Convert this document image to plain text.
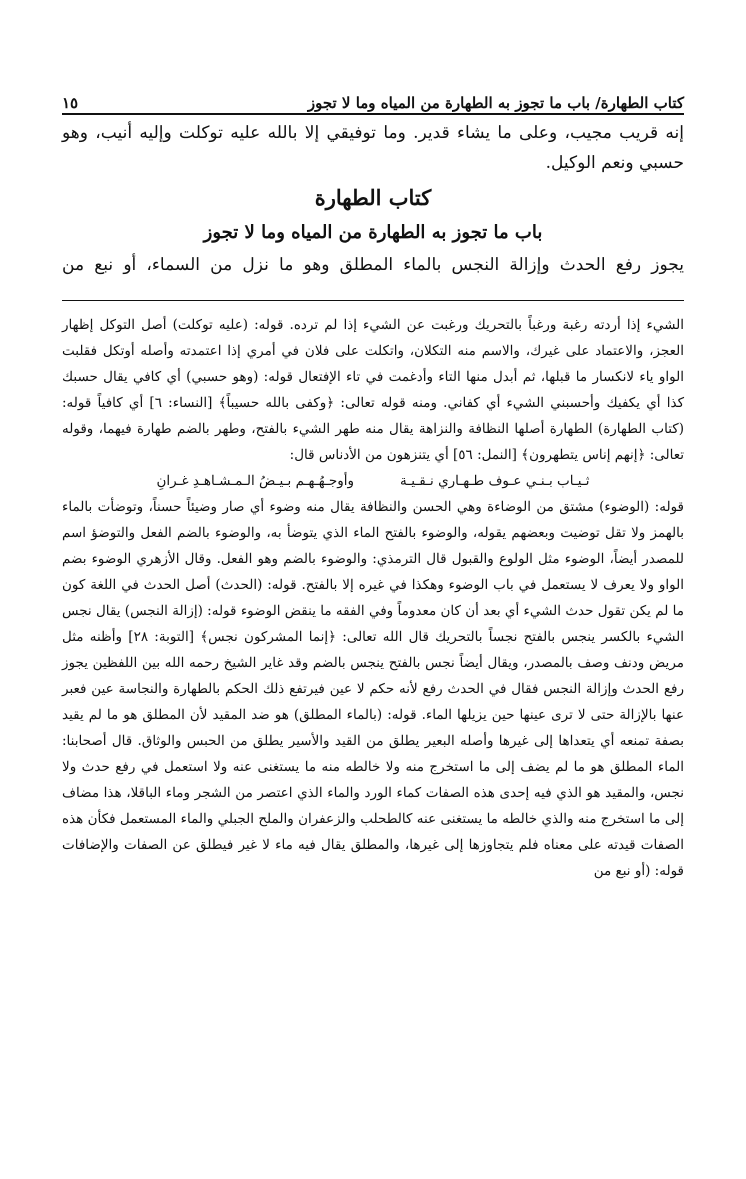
كتاب الطهارة/ باب ما تجوز به الطهارة من المياه وما لا تجوز
١٥

إنه قريب مجيب، وعلى ما يشاء قدير. وما توفيقي إلا بالله عليه توكلت وإليه أنيب، وهو حسبي ونعم الوكيل.

كتاب الطهارة
باب ما تجوز به الطهارة من المياه وما لا تجوز

يجوز رفع الحدث وإزالة النجس بالماء المطلق وهو ما نزل من السماء، أو نبع من

الشيء إذا أردته رغبة ورغباً بالتحريك ورغبت عن الشيء إذا لم ترده. قوله: (عليه توكلت) أصل التوكل إظهار العجز، والاعتماد على غيرك، والاسم منه التكلان، واتكلت على فلان في أمري إذا اعتمدته وأصله أوتكل فقلبت الواو ياء لانكسار ما قبلها، ثم أبدل منها التاء وأدغمت في تاء الإفتعال قوله: (وهو حسبي) أي كافي يقال حسبك كذا أي يكفيك وأحسبني الشيء أي كفاني. ومنه قوله تعالى: ﴿وكفى بالله حسيباً﴾ [النساء: ٦] أي كافياً قوله: (كتاب الطهارة) الطهارة أصلها النظافة والنزاهة يقال منه طهر الشيء بالفتح، وطهر بالضم طهارة فيهما، وقوله تعالى: ﴿إنهم إناس يتطهرون﴾ [النمل: ٥٦] أي يتنزهون من الأدناس قال:

ثـيـاب بـنـي عـوف طـهـاري نـقـيـة
وأوجـهُـهـم بـيـضُ الـمـشـاهـدِ غـرانِ

قوله: (الوضوء) مشتق من الوضاءة وهي الحسن والنظافة يقال منه وضوء أي صار وضيئاً حسناً، وتوضأت بالماء بالهمز ولا تقل توضيت وبعضهم يقوله، والوضوء بالفتح الماء الذي يتوضأ به، والوضوء بالضم الفعل والتوضؤ اسم للمصدر أيضاً، الوضوء مثل الولوع والقبول قال الترمذي: والوضوء بالضم وهو الفعل. وقال الأزهري الوضوء بضم الواو ولا يعرف لا يستعمل في باب الوضوء وهكذا في غيره إلا بالفتح. قوله: (الحدث) أصل الحدث في اللغة كون ما لم يكن تقول حدث الشيء أي بعد أن كان معدوماً وفي الفقه ما ينقض الوضوء قوله: (إزالة النجس) يقال نجس الشيء بالكسر ينجس بالفتح نجساً بالتحريك قال الله تعالى: ﴿إنما المشركون نجس﴾ [التوبة: ٢٨] وأظنه مثل مريض ودنف وصف بالمصدر، ويقال أيضاً نجس بالفتح ينجس بالضم وقد غاير الشيخ رحمه الله بين اللفظين يجوز رفع الحدث وإزالة النجس فقال في الحدث رفع لأنه حكم لا عين فيرتفع ذلك الحكم بالطهارة والنجاسة عين فعبر عنها بالإزالة حتى لا ترى عينها حين يزيلها الماء. قوله: (بالماء المطلق) هو ضد المقيد لأن المطلق هو ما لم يقيد بصفة تمنعه أي يتعداها إلى غيرها وأصله البعير يطلق من القيد والأسير يطلق من الحبس والوثاق. قال أصحابنا: الماء المطلق هو ما لم يضف إلى ما استخرج منه ولا خالطه منه ما يستغنى عنه ولا استعمل في رفع حدث ولا نجس، والمقيد هو الذي فيه إحدى هذه الصفات كماء الورد والماء الذي اعتصر من الشجر وماء الباقلا، هذا مضاف إلى ما استخرج منه والذي خالطه ما يستغنى عنه كالطحلب والزعفران والملح الجبلي والماء المستعمل فكأن هذه الصفات قيدته على معناه فلم يتجاوزها إلى غيرها، والمطلق يقال فيه ماء لا غير فيطلق عن الصفات والإضافات قوله: (أو نبع من
